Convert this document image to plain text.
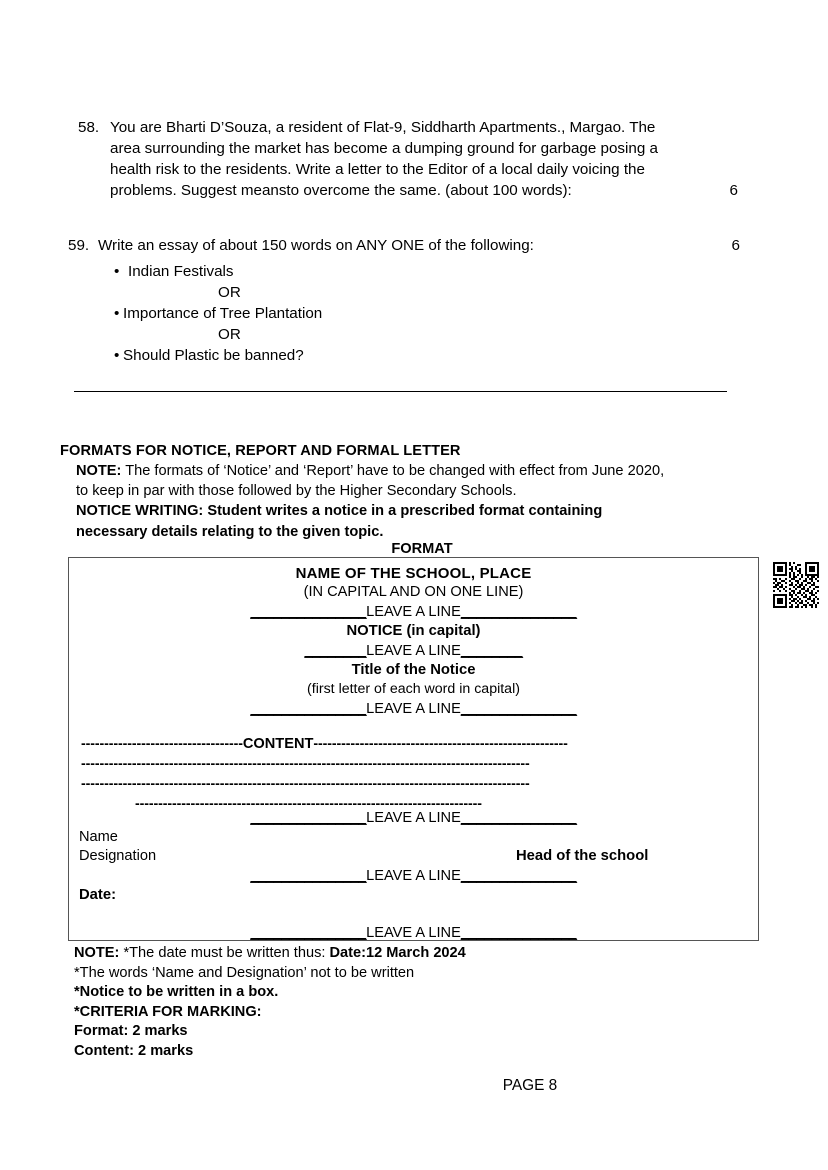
58. You are Bharti D’Souza, a resident of Flat-9, Siddharth Apartments., Margao. The

area surrounding the market has become a dumping ground for garbage posing a

health risk to the residents. Write a letter to the Editor of a local daily voicing the

problems. Suggest meansto overcome the same. (about 100 words):	6
59. Write an essay of about 150 words on ANY ONE of the following:	6
• Indian Festivals
OR
• Importance of Tree Plantation
OR
• Should Plastic be banned?
FORMATS FOR NOTICE, REPORT AND FORMAL LETTER
NOTE: The formats of ‘Notice’ and ‘Report’ have to be changed with effect from June 2020,
to keep in par with those followed by the Higher Secondary Schools.
NOTICE WRITING: Student writes a notice in a prescribed format containing
necessary details relating to the given topic.
FORMAT
NAME OF THE SCHOOL, PLACE
(IN CAPITAL AND ON ONE LINE)
_______________LEAVE A LINE_______________
NOTICE (in capital)
________LEAVE A LINE________
Title of the Notice
(first letter of each word in capital)
_______________LEAVE A LINE_______________
-----------------------------------CONTENT-------------------------------------------------------
-------------------------------------------------------------------------------------------------
-------------------------------------------------------------------------------------------------
---------------------------------------------------------------------------
_______________LEAVE A LINE_______________
Name
Designation	Head of the school
_______________LEAVE A LINE_______________
Date:
_______________LEAVE A LINE_______________
NOTE: *The date must be written thus: Date:12 March 2024
*The words ‘Name and Designation’ not to be written
*Notice to be written in a box.
*CRITERIA FOR MARKING:
Format: 2 marks
Content: 2 marks
PAGE 8
